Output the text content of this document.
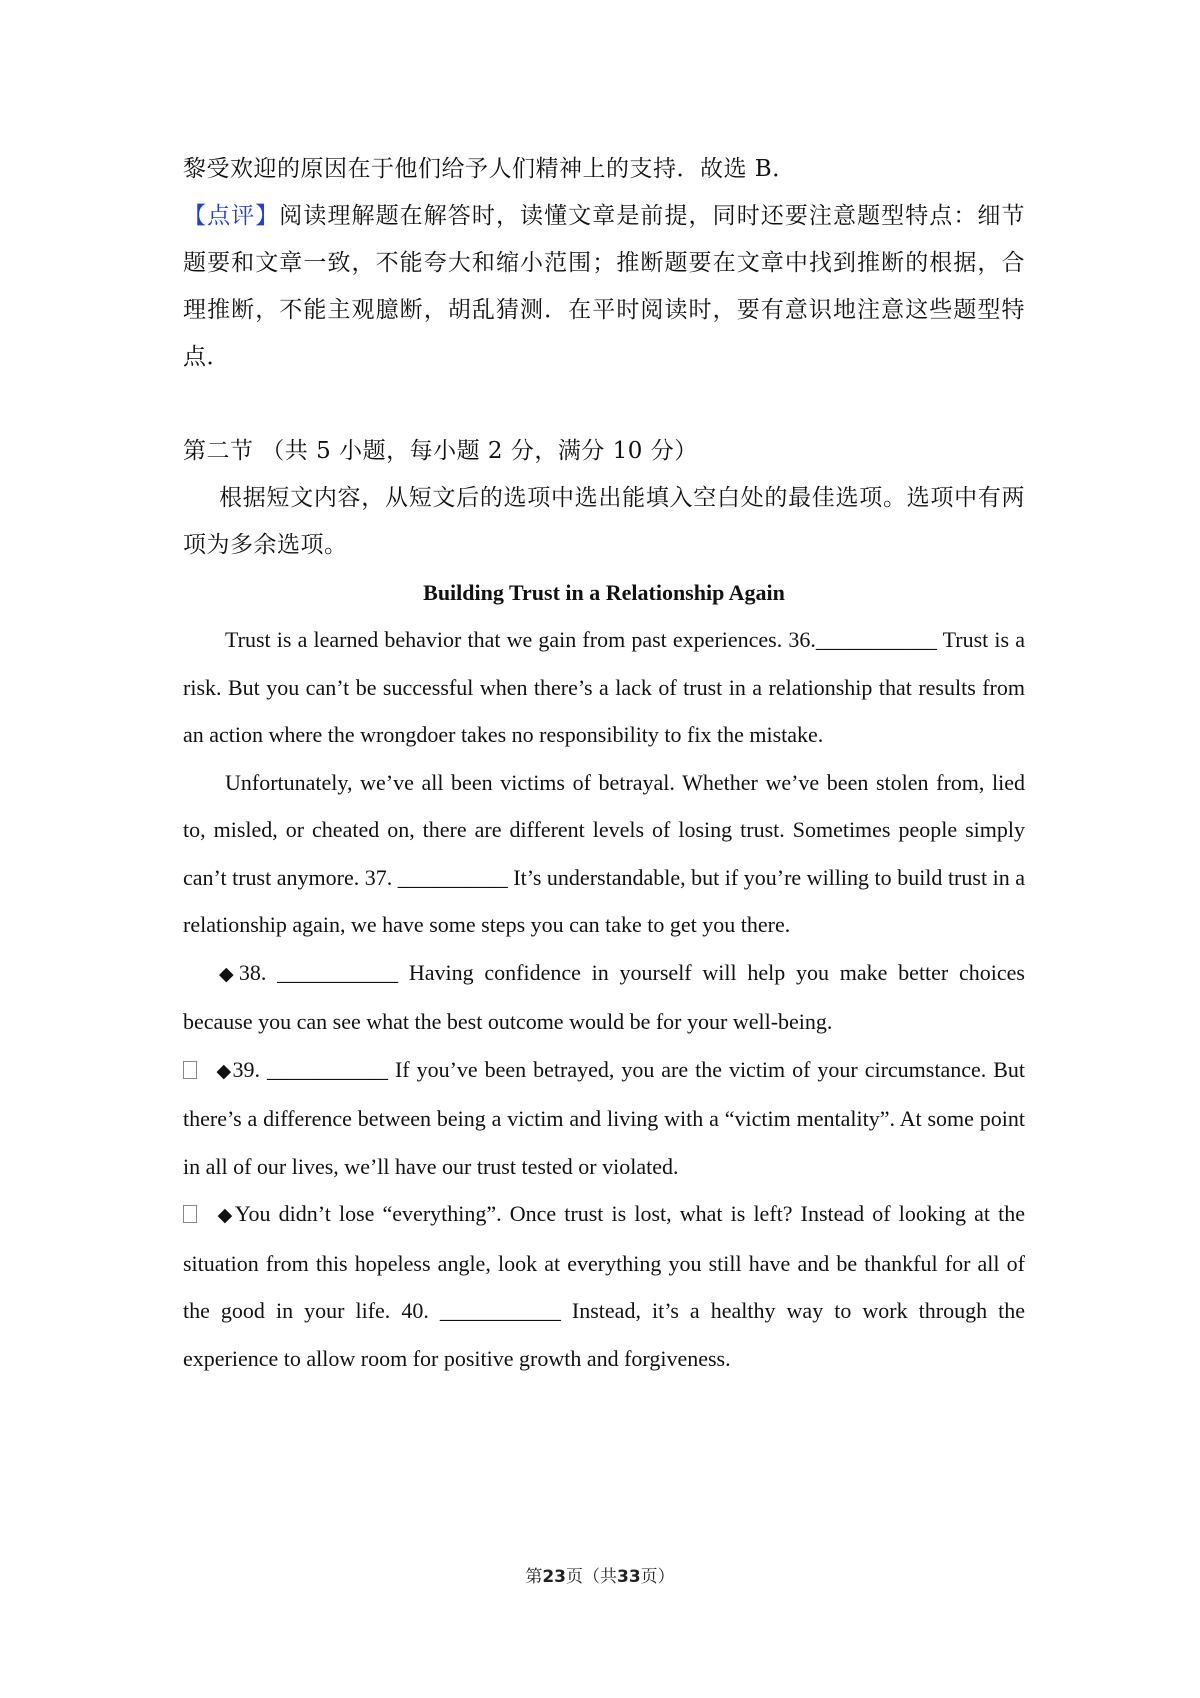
黎受欢迎的原因在于他们给予人们精神上的支持．故选 B．

【点评】阅读理解题在解答时，读懂文章是前提，同时还要注意题型特点：细节题要和文章一致，不能夸大和缩小范围；推断题要在文章中找到推断的根据，合理推断，不能主观臆断，胡乱猜测．在平时阅读时，要有意识地注意这些题型特点．

第二节 （共 5 小题，每小题 2 分，满分 10 分）

根据短文内容，从短文后的选项中选出能填入空白处的最佳选项。选项中有两项为多余选项。

Building Trust in a Relationship Again

Trust is a learned behavior that we gain from past experiences. 36.___________ Trust is a risk. But you can’t be successful when there’s a lack of trust in a relationship that results from an action where the wrongdoer takes no responsibility to fix the mistake.

Unfortunately, we’ve all been victims of betrayal. Whether we’ve been stolen from, lied to, misled, or cheated on, there are different levels of losing trust. Sometimes people simply can’t trust anymore. 37. __________ It’s understandable, but if you’re willing to build trust in a relationship again, we have some steps you can take to get you there.

◆38. ___________ Having confidence in yourself will help you make better choices because you can see what the best outcome would be for your well-being.

◆39. ___________ If you’ve been betrayed, you are the victim of your circumstance. But there’s a difference between being a victim and living with a “victim mentality”. At some point in all of our lives, we’ll have our trust tested or violated.

◆You didn’t lose “everything”. Once trust is lost, what is left? Instead of looking at the situation from this hopeless angle, look at everything you still have and be thankful for all of the good in your life. 40. ___________ Instead, it’s a healthy way to work through the experience to allow room for positive growth and forgiveness.

第23页（共33页）
